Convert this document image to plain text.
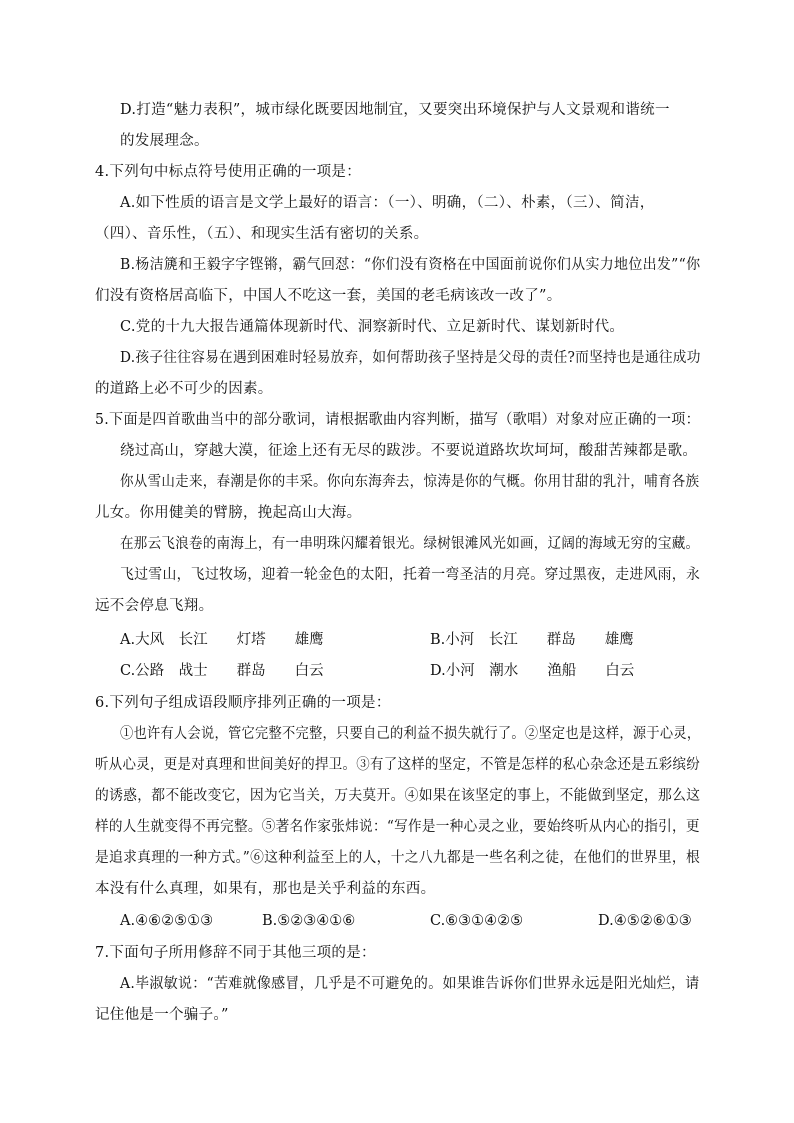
D.打造“魅力表积”，城市绿化既要因地制宜，又要突出环境保护与人文景观和谐统一
的发展理念。
4.下列句中标点符号使用正确的一项是：
A.如下性质的语言是文学上最好的语言：（一）、明确，（二）、朴素，（三）、简洁，
（四）、音乐性，（五）、和现实生活有密切的关系。
B.杨洁篪和王毅字字铿锵，霸气回怼：“你们没有资格在中国面前说你们从实力地位出发”“你
们没有资格居高临下，中国人不吃这一套，美国的老毛病该改一改了”。
C.党的十九大报告通篇体现新时代、洞察新时代、立足新时代、谋划新时代。
D.孩子往往容易在遇到困难时轻易放弃，如何帮助孩子坚持是父母的责任?而坚持也是通往成功
的道路上必不可少的因素。
5.下面是四首歌曲当中的部分歌词，请根据歌曲内容判断，描写（歌唱）对象对应正确的一项：
绕过高山，穿越大漠，征途上还有无尽的跋涉。不要说道路坎坎坷坷，酸甜苦辣都是歌。
你从雪山走来，春潮是你的丰采。你向东海奔去，惊涛是你的气概。你用甘甜的乳汁，哺育各族
儿女。你用健美的臂膀，挽起高山大海。
在那云飞浪卷的南海上，有一串明珠闪耀着银光。绿树银滩风光如画，辽阔的海域无穷的宝藏。
飞过雪山，飞过牧场，迎着一轮金色的太阳，托着一弯圣洁的月亮。穿过黑夜，走进风雨，永
远不会停息飞翔。
A.大风　长江　　灯塔　　雄鹰	B.小河　长江　　群岛　　雄鹰
C.公路　战士　　群岛　　白云	D.小河　潮水　　渔船　　白云
6.下列句子组成语段顺序排列正确的一项是：
①也许有人会说，管它完整不完整，只要自己的利益不损失就行了。②坚定也是这样，源于心灵，
听从心灵，更是对真理和世间美好的捍卫。③有了这样的坚定，不管是怎样的私心杂念还是五彩缤纷
的诱惑，都不能改变它，因为它当关，万夫莫开。④如果在该坚定的事上，不能做到坚定，那么这
样的人生就变得不再完整。⑤著名作家张炜说：“写作是一种心灵之业，要始终听从内心的指引，更
是追求真理的一种方式。”⑥这种利益至上的人，十之八九都是一些名利之徒，在他们的世界里，根
本没有什么真理，如果有，那也是关乎利益的东西。
A.④⑥②⑤①③	B.⑤②③④①⑥	C.⑥③①④②⑤	D.④⑤②⑥①③
7.下面句子所用修辞不同于其他三项的是：
A.毕淑敏说：“苦难就像感冒，几乎是不可避免的。如果谁告诉你们世界永远是阳光灿烂，请
记住他是一个骗子。”
